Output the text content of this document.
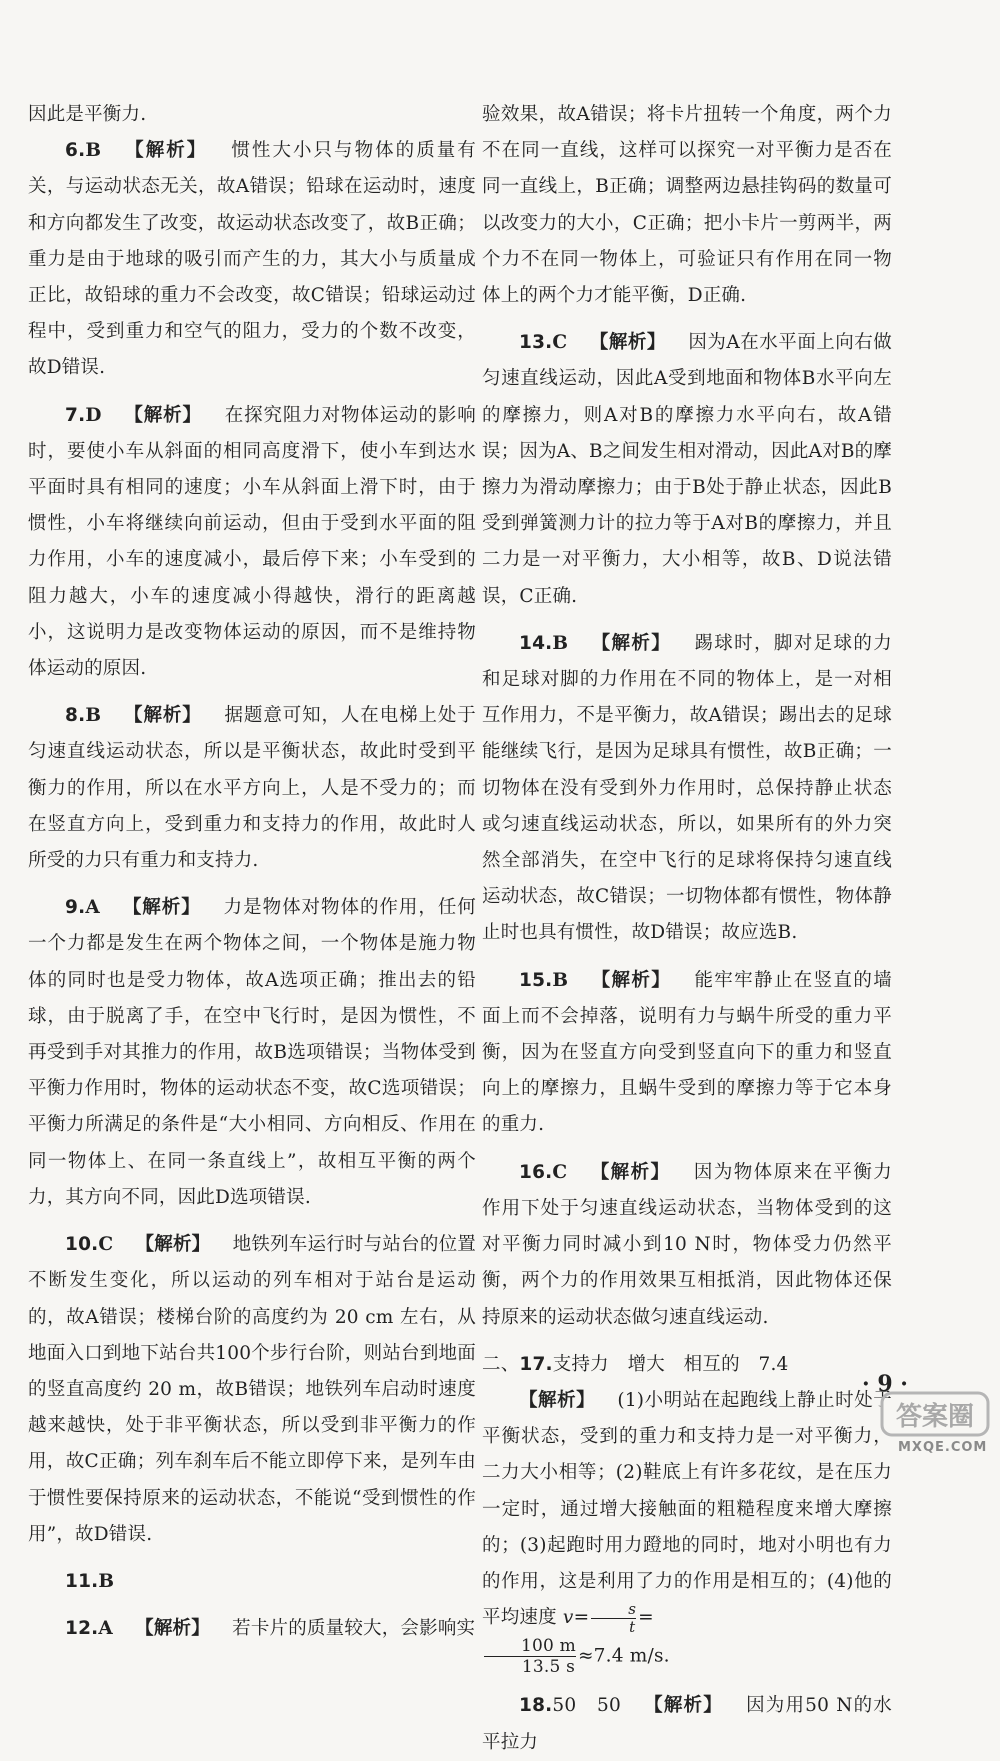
因此是平衡力.

6.B 【解析】 惯性大小只与物体的质量有关，与运动状态无关，故A错误；铅球在运动时，速度和方向都发生了改变，故运动状态改变了，故B正确；重力是由于地球的吸引而产生的力，其大小与质量成正比，故铅球的重力不会改变，故C错误；铅球运动过程中，受到重力和空气的阻力，受力的个数不改变，故D错误.

7.D 【解析】 在探究阻力对物体运动的影响时，要使小车从斜面的相同高度滑下，使小车到达水平面时具有相同的速度；小车从斜面上滑下时，由于惯性，小车将继续向前运动，但由于受到水平面的阻力作用，小车的速度减小，最后停下来；小车受到的阻力越大，小车的速度减小得越快，滑行的距离越小，这说明力是改变物体运动的原因，而不是维持物体运动的原因.

8.B 【解析】 据题意可知，人在电梯上处于匀速直线运动状态，所以是平衡状态，故此时受到平衡力的作用，所以在水平方向上，人是不受力的；而在竖直方向上，受到重力和支持力的作用，故此时人所受的力只有重力和支持力.

9.A 【解析】 力是物体对物体的作用，任何一个力都是发生在两个物体之间，一个物体是施力物体的同时也是受力物体，故A选项正确；推出去的铅球，由于脱离了手，在空中飞行时，是因为惯性，不再受到手对其推力的作用，故B选项错误；当物体受到平衡力作用时，物体的运动状态不变，故C选项错误；平衡力所满足的条件是“大小相同、方向相反、作用在同一物体上、在同一条直线上”，故相互平衡的两个力，其方向不同，因此D选项错误.

10.C 【解析】 地铁列车运行时与站台的位置不断发生变化，所以运动的列车相对于站台是运动的，故A错误；楼梯台阶的高度约为 20 cm 左右，从地面入口到地下站台共100个步行台阶，则站台到地面的竖直高度约 20 m，故B错误；地铁列车启动时速度越来越快，处于非平衡状态，所以受到非平衡力的作用，故C正确；列车刹车后不能立即停下来，是列车由于惯性要保持原来的运动状态，不能说“受到惯性的作用”，故D错误.

11.B

12.A 【解析】 若卡片的质量较大，会影响实

验效果，故A错误；将卡片扭转一个角度，两个力不在同一直线，这样可以探究一对平衡力是否在同一直线上，B正确；调整两边悬挂钩码的数量可以改变力的大小，C正确；把小卡片一剪两半，两个力不在同一物体上，可验证只有作用在同一物体上的两个力才能平衡，D正确.

13.C 【解析】 因为A在水平面上向右做匀速直线运动，因此A受到地面和物体B水平向左的摩擦力，则A对B的摩擦力水平向右，故A错误；因为A、B之间发生相对滑动，因此A对B的摩擦力为滑动摩擦力；由于B处于静止状态，因此B受到弹簧测力计的拉力等于A对B的摩擦力，并且二力是一对平衡力，大小相等，故B、D说法错误，C正确.

14.B 【解析】 踢球时，脚对足球的力和足球对脚的力作用在不同的物体上，是一对相互作用力，不是平衡力，故A错误；踢出去的足球能继续飞行，是因为足球具有惯性，故B正确；一切物体在没有受到外力作用时，总保持静止状态或匀速直线运动状态，所以，如果所有的外力突然全部消失，在空中飞行的足球将保持匀速直线运动状态，故C错误；一切物体都有惯性，物体静止时也具有惯性，故D错误；故应选B.

15.B 【解析】 能牢牢静止在竖直的墙面上而不会掉落，说明有力与蜗牛所受的重力平衡，因为在竖直方向受到竖直向下的重力和竖直向上的摩擦力，且蜗牛受到的摩擦力等于它本身的重力.

16.C 【解析】 因为物体原来在平衡力作用下处于匀速直线运动状态，当物体受到的这对平衡力同时减小到10 N时，物体受力仍然平衡，两个力的作用效果互相抵消，因此物体还保持原来的运动状态做匀速直线运动.

二、17.支持力　增大　相互的　7.4

【解析】 (1)小明站在起跑线上静止时处于平衡状态，受到的重力和支持力是一对平衡力，二力大小相等；(2)鞋底上有许多花纹，是在压力一定时，通过增大接触面的粗糙程度来增大摩擦的；(3)起跑时用力蹬地的同时，地对小明也有力的作用，这是利用了力的作用是相互的；(4)他的平均速度 $v= \frac{s}{t}$ =

$\frac{100 m}{13.5 s} \approx 7.4$ m/s.

18.50　50 【解析】 因为用50 N的水平拉力

· 9 ·
答案圈
MXQE.COM
